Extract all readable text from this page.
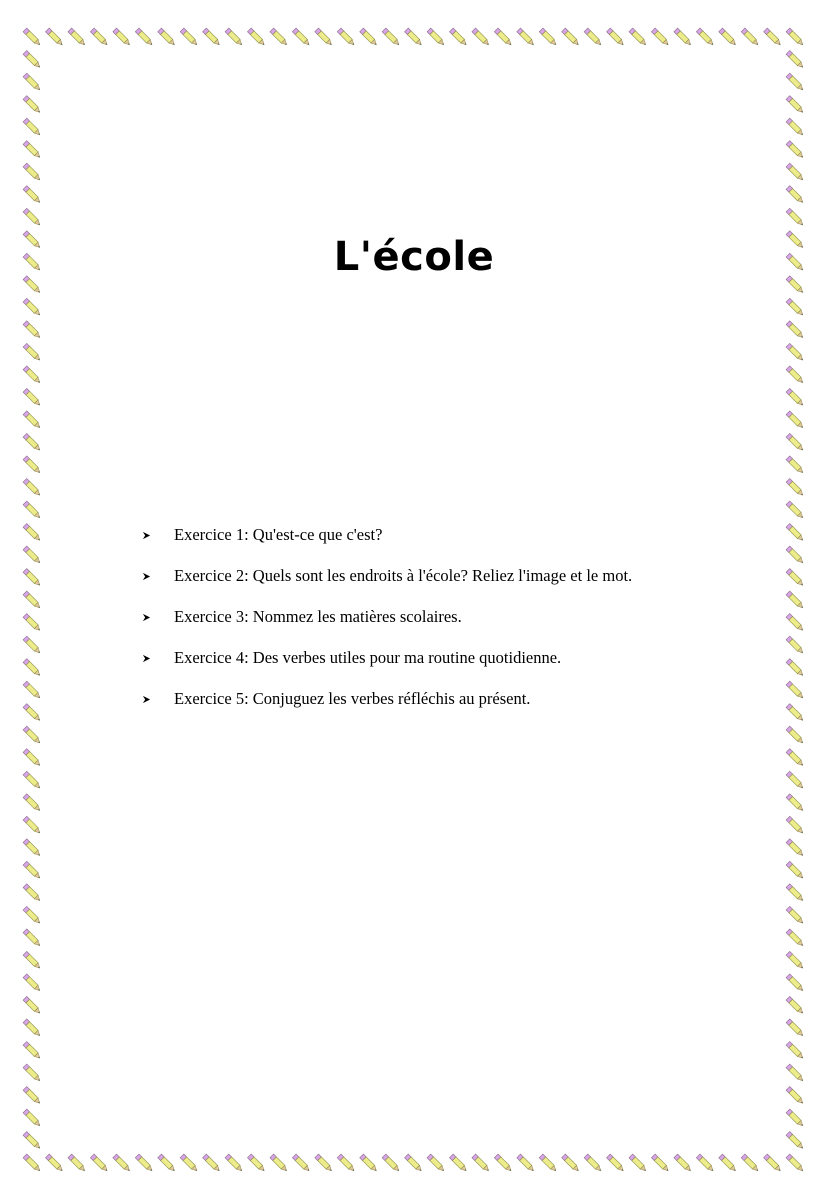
L'école
Exercice 1: Qu'est-ce que c'est?
Exercice 2: Quels sont les endroits à l'école? Reliez l'image et le mot.
Exercice 3: Nommez les matières scolaires.
Exercice 4: Des verbes utiles pour ma routine quotidienne.
Exercice 5: Conjuguez les verbes réfléchis au présent.
